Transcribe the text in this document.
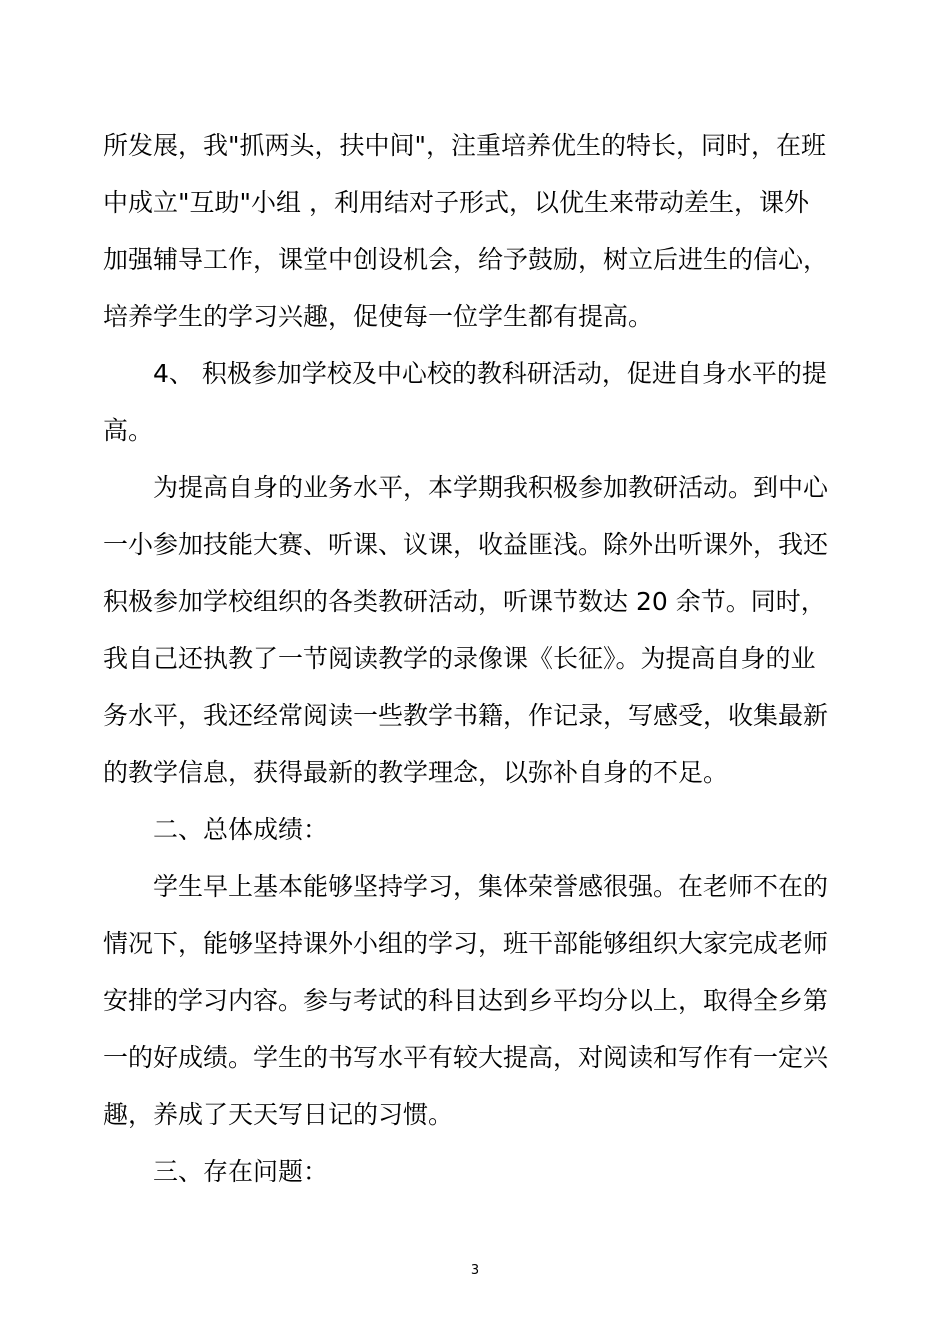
所发展，我"抓两头，扶中间"，注重培养优生的特长，同时，在班
中成立"互助"小组 ，利用结对子形式，以优生来带动差生，课外
加强辅导工作，课堂中创设机会，给予鼓励，树立后进生的信心，
培养学生的学习兴趣，促使每一位学生都有提高。
4、 积极参加学校及中心校的教科研活动，促进自身水平的提
高。
为提高自身的业务水平，本学期我积极参加教研活动。到中心
一小参加技能大赛、听课、议课，收益匪浅。除外出听课外，我还
积极参加学校组织的各类教研活动，听课节数达 20 余节。同时，
我自己还执教了一节阅读教学的录像课《长征》。为提高自身的业
务水平，我还经常阅读一些教学书籍，作记录，写感受，收集最新
的教学信息，获得最新的教学理念，以弥补自身的不足。
二、总体成绩：
学生早上基本能够坚持学习，集体荣誉感很强。在老师不在的
情况下，能够坚持课外小组的学习，班干部能够组织大家完成老师
安排的学习内容。参与考试的科目达到乡平均分以上，取得全乡第
一的好成绩。学生的书写水平有较大提高，对阅读和写作有一定兴
趣，养成了天天写日记的习惯。
三、存在问题：
3
